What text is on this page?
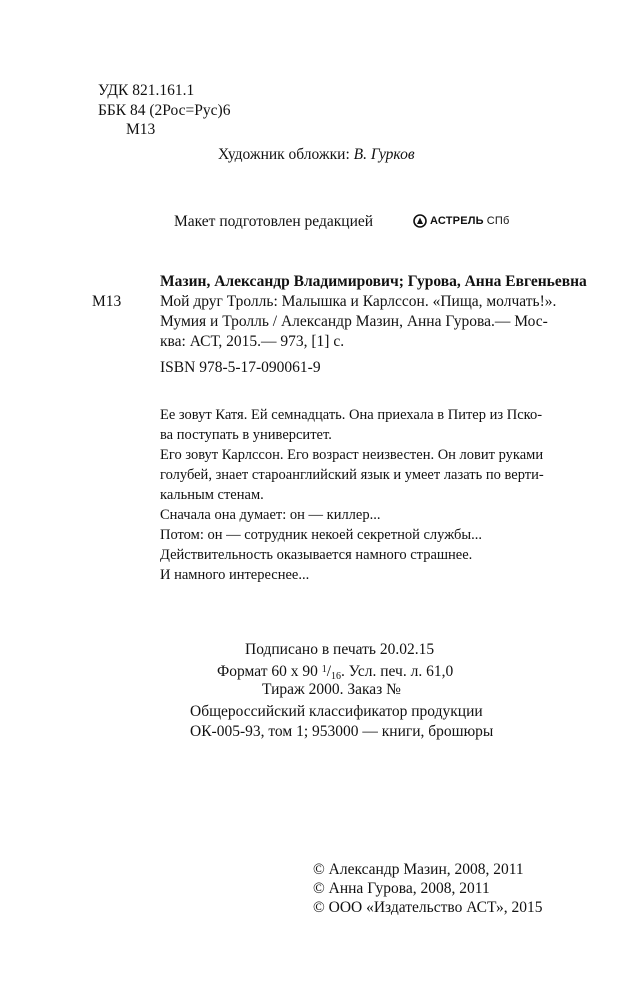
УДК 821.161.1
ББК 84 (2Рос=Рус)6
М13
Художник обложки: В. Гурков
Макет подготовлен редакцией	АСТРЕЛЬ СПб
М13
Мазин, Александр Владимирович; Гурова, Анна Евгеньевна
Мой друг Тролль: Малышка и Карлссон. «Пища, молчать!».
Мумия и Тролль / Александр Мазин, Анна Гурова.— Мос-
ква: АСТ, 2015.— 973, [1] с.
ISBN 978-5-17-090061-9
Ее зовут Катя. Ей семнадцать. Она приехала в Питер из Пско-
ва поступать в университет.
Его зовут Карлссон. Его возраст неизвестен. Он ловит руками
голубей, знает староанглийский язык и умеет лазать по верти-
кальным стенам.
Сначала она думает: он — киллер...
Потом: он — сотрудник некоей секретной службы...
Действительность оказывается намного страшнее.
И намного интереснее...
Подписано в печать 20.02.15
Формат 60 x 90 $^1/_{16}$. Усл. печ. л. 61,0
Тираж 2000. Заказ №
Общероссийский классификатор продукции
ОК-005-93, том 1; 953000 — книги, брошюры
© Александр Мазин, 2008, 2011
© Анна Гурова, 2008, 2011
© ООО «Издательство АСТ», 2015
